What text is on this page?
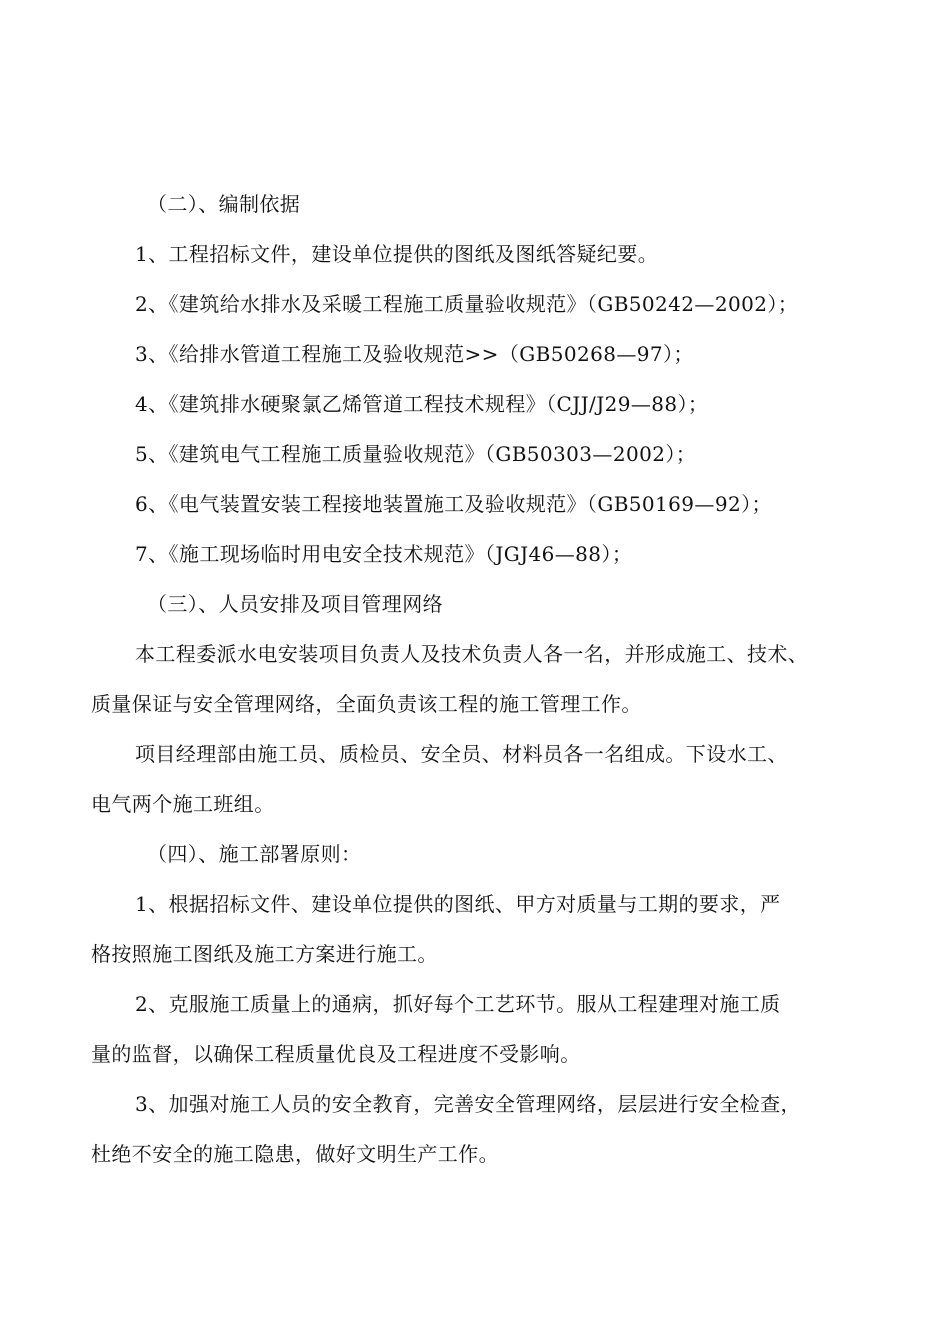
（二）、编制依据
1、工程招标文件，建设单位提供的图纸及图纸答疑纪要。
2、《建筑给水排水及采暖工程施工质量验收规范》（GB50242—2002）；
3、《给排水管道工程施工及验收规范>>（GB50268—97）；
4、《建筑排水硬聚氯乙烯管道工程技术规程》（CJJ/J29—88）；
5、《建筑电气工程施工质量验收规范》（GB50303—2002）；
6、《电气装置安装工程接地装置施工及验收规范》（GB50169—92）；
7、《施工现场临时用电安全技术规范》（JGJ46—88）；
（三）、人员安排及项目管理网络
本工程委派水电安装项目负责人及技术负责人各一名，并形成施工、技术、
质量保证与安全管理网络，全面负责该工程的施工管理工作。
项目经理部由施工员、质检员、安全员、材料员各一名组成。下设水工、
电气两个施工班组。
（四）、施工部署原则：
1、根据招标文件、建设单位提供的图纸、甲方对质量与工期的要求，严
格按照施工图纸及施工方案进行施工。
2、克服施工质量上的通病，抓好每个工艺环节。服从工程建理对施工质
量的监督，以确保工程质量优良及工程进度不受影响。
3、加强对施工人员的安全教育，完善安全管理网络，层层进行安全检查，
杜绝不安全的施工隐患，做好文明生产工作。
